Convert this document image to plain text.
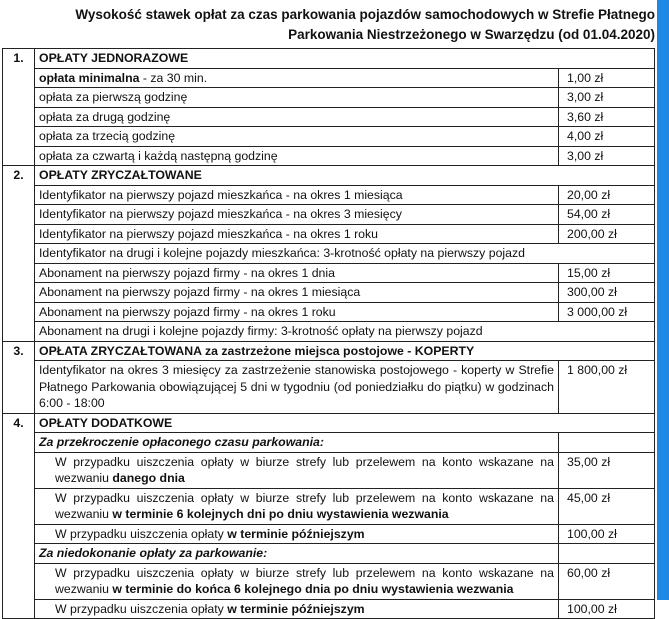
Wysokość stawek opłat za czas parkowania pojazdów samochodowych w Strefie Płatnego
Parkowania Niestrzeżonego w Swarzędzu (od 01.04.2020)
1.	OPŁATY JEDNORAZOWE	
	opłata minimalna - za 30 min.	1,00 zł
	opłata za pierwszą godzinę	3,00 zł
	opłata za drugą godzinę	3,60 zł
	opłata za trzecią godzinę	4,00 zł
	opłata za czwartą i każdą następną godzinę	3,00 zł
2.	OPŁATY ZRYCZAŁTOWANE	
	Identyfikator na pierwszy pojazd mieszkańca - na okres 1 miesiąca	20,00 zł
	Identyfikator na pierwszy pojazd mieszkańca - na okres 3 miesięcy	54,00 zł
	Identyfikator na pierwszy pojazd mieszkańca - na okres 1 roku	200,00 zł
	Identyfikator na drugi i kolejne pojazdy mieszkańca: 3-krotność opłaty na pierwszy pojazd	
	Abonament na pierwszy pojazd firmy - na okres 1 dnia	15,00 zł
	Abonament na pierwszy pojazd firmy - na okres 1 miesiąca	300,00 zł
	Abonament na pierwszy pojazd firmy - na okres 1 roku	3 000,00 zł
	Abonament na drugi i kolejne pojazdy firmy: 3-krotność opłaty na pierwszy pojazd	
3.	OPŁATA ZRYCZAŁTOWANA za zastrzeżone miejsca postojowe - KOPERTY	
	Identyfikator na okres 3 miesięcy za zastrzeżenie stanowiska postojowego - koperty w Strefie Płatnego Parkowania obowiązującej 5 dni w tygodniu (od poniedziałku do piątku) w godzinach 6:00 - 18:00	1 800,00 zł
4.	OPŁATY DODATKOWE	
	Za przekroczenie opłaconego czasu parkowania:	
	W przypadku uiszczenia opłaty w biurze strefy lub przelewem na konto wskazane na wezwaniu danego dnia	35,00 zł
	W przypadku uiszczenia opłaty w biurze strefy lub przelewem na konto wskazane na wezwaniu w terminie 6 kolejnych dni po dniu wystawienia wezwania	45,00 zł
	W przypadku uiszczenia opłaty w terminie późniejszym	100,00 zł
	Za niedokonanie opłaty za parkowanie:	
	W przypadku uiszczenia opłaty w biurze strefy lub przelewem na konto wskazane na wezwaniu w terminie do końca 6 kolejnego dnia po dniu wystawienia wezwania	60,00 zł
	W przypadku uiszczenia opłaty w terminie późniejszym	100,00 zł
